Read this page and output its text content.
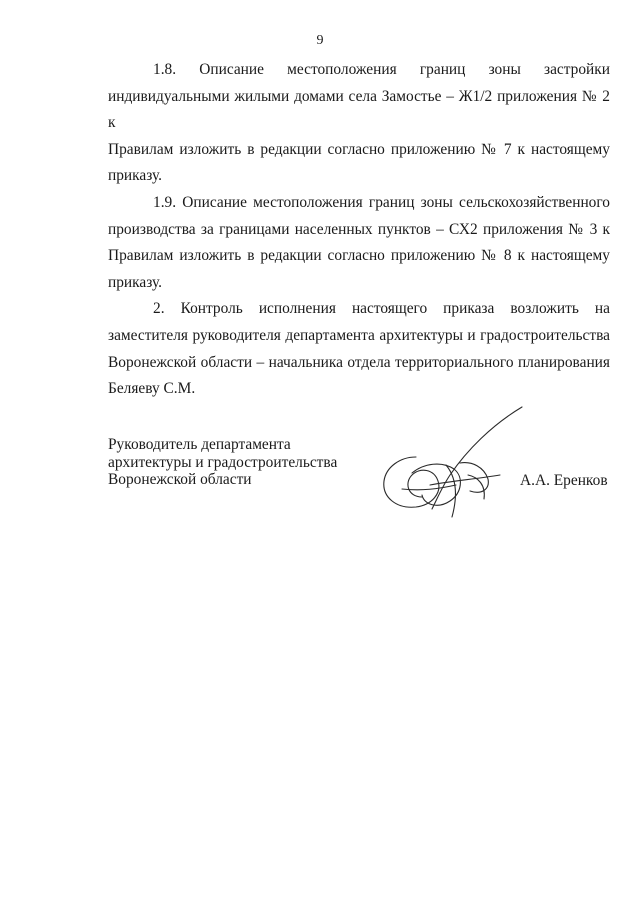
9

1.8. Описание местоположения границ зоны застройки
индивидуальными жилыми домами села Замостье – Ж1/2 приложения № 2 к
Правилам изложить в редакции согласно приложению № 7 к настоящему
приказу.

1.9. Описание местоположения границ зоны сельскохозяйственного
производства за границами населенных пунктов – СХ2 приложения № 3 к
Правилам изложить в редакции согласно приложению № 8 к настоящему
приказу.

2. Контроль исполнения настоящего приказа возложить на
заместителя руководителя департамента архитектуры и градостроительства
Воронежской области – начальника отдела территориального планирования
Беляеву С.М.

Руководитель департамента
архитектуры и градостроительства
Воронежской области	А.А. Еренков
